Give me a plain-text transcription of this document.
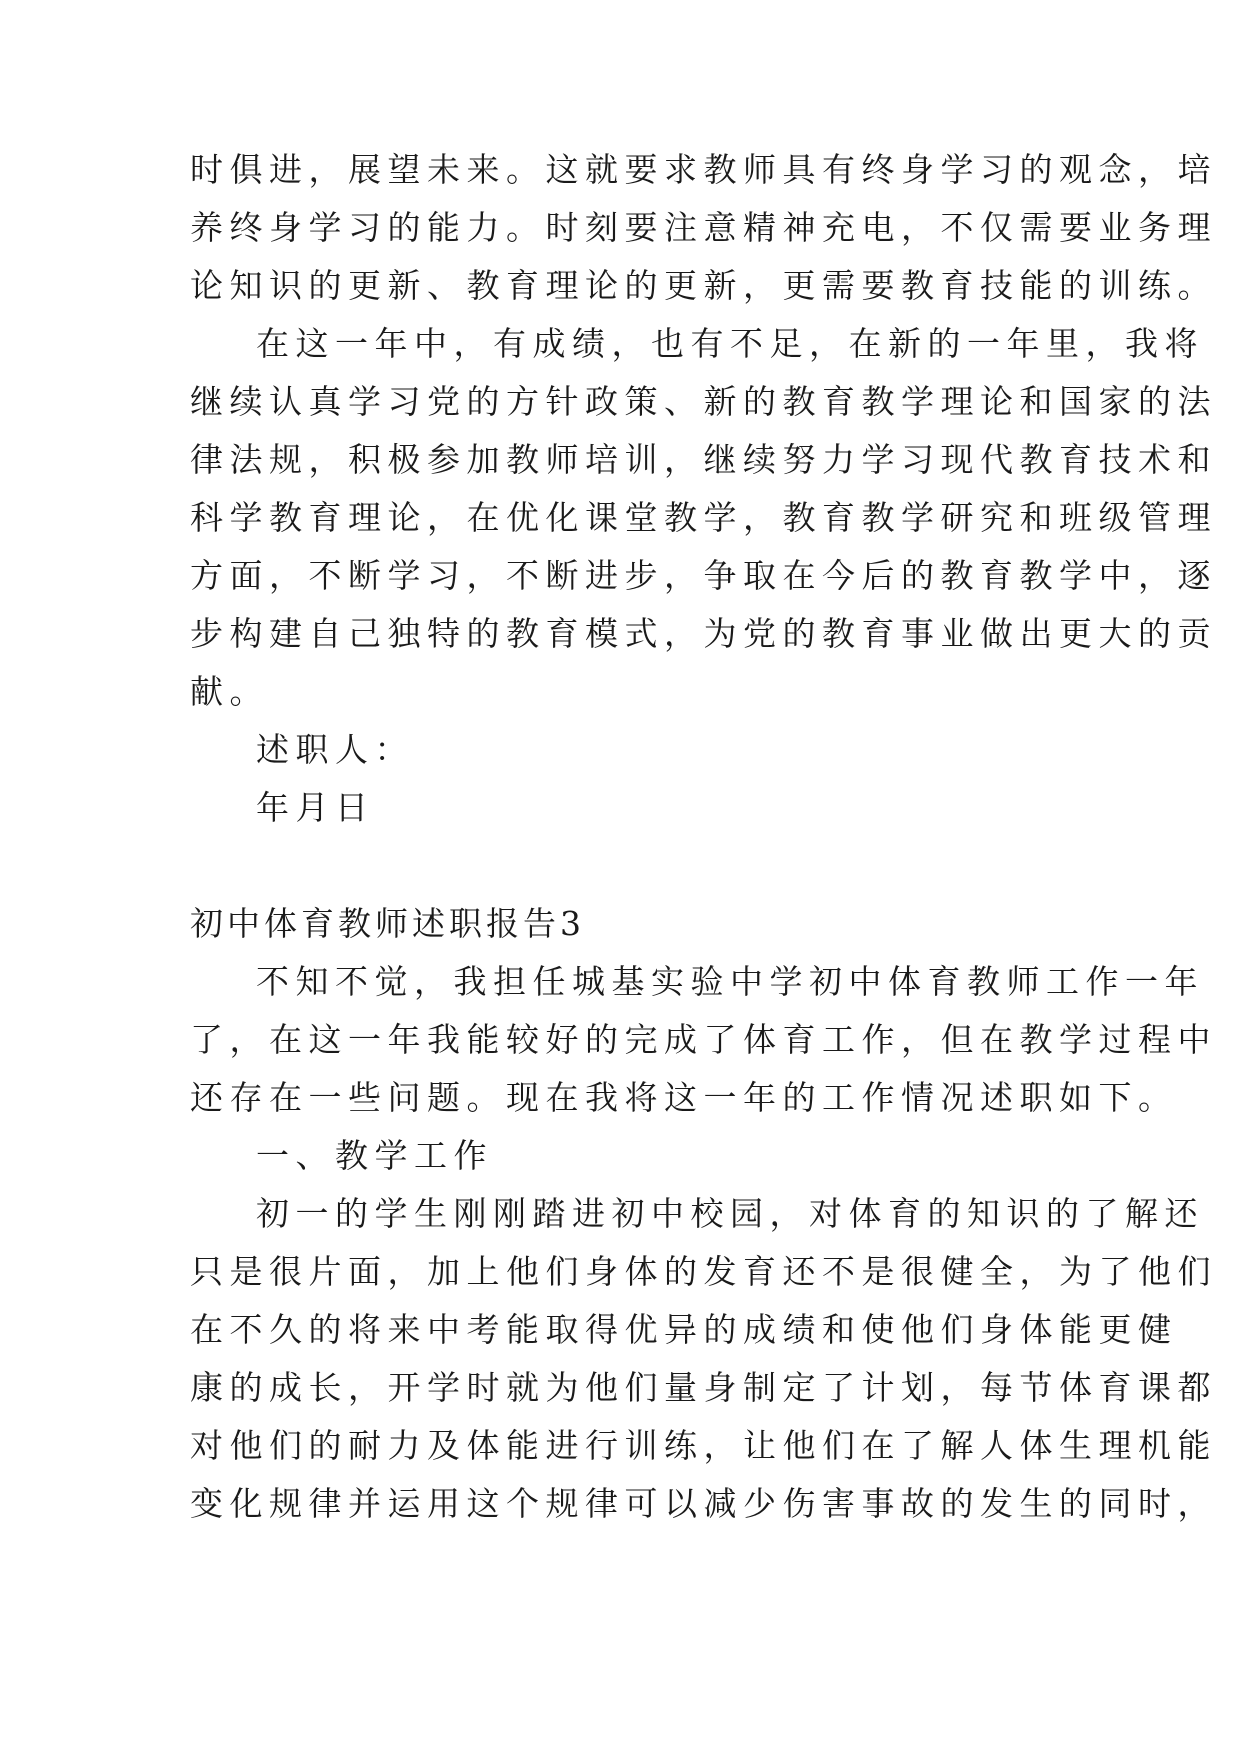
时俱进，展望未来。这就要求教师具有终身学习的观念，培
养终身学习的能力。时刻要注意精神充电，不仅需要业务理
论知识的更新、教育理论的更新，更需要教育技能的训练。
在这一年中，有成绩，也有不足，在新的一年里，我将
继续认真学习党的方针政策、新的教育教学理论和国家的法
律法规，积极参加教师培训，继续努力学习现代教育技术和
科学教育理论，在优化课堂教学，教育教学研究和班级管理
方面，不断学习，不断进步，争取在今后的教育教学中，逐
步构建自己独特的教育模式，为党的教育事业做出更大的贡
献。
述职人：
年月日
初中体育教师述职报告3
不知不觉，我担任城基实验中学初中体育教师工作一年
了，在这一年我能较好的完成了体育工作，但在教学过程中
还存在一些问题。现在我将这一年的工作情况述职如下。
一、教学工作
初一的学生刚刚踏进初中校园，对体育的知识的了解还
只是很片面，加上他们身体的发育还不是很健全，为了他们
在不久的将来中考能取得优异的成绩和使他们身体能更健
康的成长，开学时就为他们量身制定了计划，每节体育课都
对他们的耐力及体能进行训练，让他们在了解人体生理机能
变化规律并运用这个规律可以减少伤害事故的发生的同时，
